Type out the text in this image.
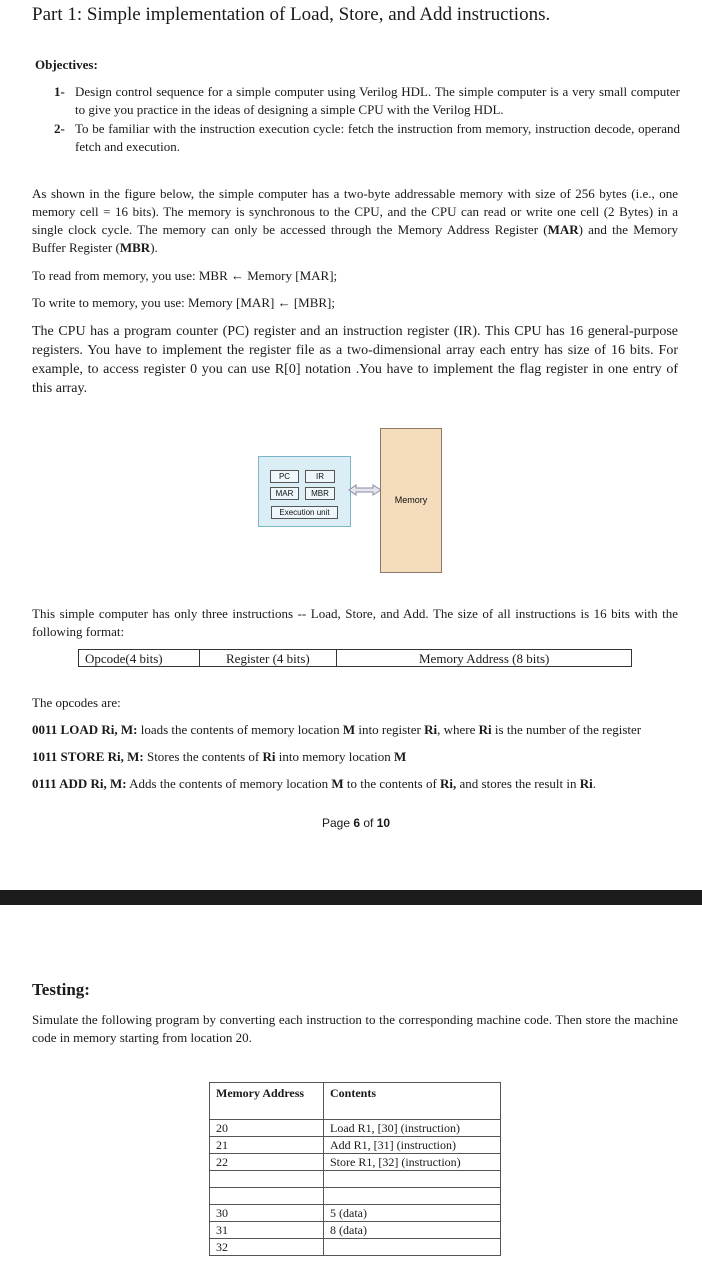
Part 1: Simple implementation of Load, Store, and Add instructions.
Objectives:
1- Design control sequence for a simple computer using Verilog HDL. The simple computer is a very small computer to give you practice in the ideas of designing a simple CPU with the Verilog HDL.
2- To be familiar with the instruction execution cycle: fetch the instruction from memory, instruction decode, operand fetch and execution.
As shown in the figure below, the simple computer has a two-byte addressable memory with size of 256 bytes (i.e., one memory cell = 16 bits). The memory is synchronous to the CPU, and the CPU can read or write one cell (2 Bytes) in a single clock cycle. The memory can only be accessed through the Memory Address Register (MAR) and the Memory Buffer Register (MBR).
To read from memory, you use: MBR ← Memory [MAR];
To write to memory, you use: Memory [MAR] ← [MBR];
The CPU has a program counter (PC) register and an instruction register (IR). This CPU has 16 general-purpose registers. You have to implement the register file as a two-dimensional array each entry has size of 16 bits. For example, to access register 0 you can use R[0] notation .You have to implement the flag register in one entry of this array.
PC	IR
MAR	MBR
Execution unit
Memory
This simple computer has only three instructions -- Load, Store, and Add. The size of all instructions is 16 bits with the following format:
Opcode(4 bits)	Register (4 bits)	Memory Address (8 bits)
The opcodes are:
0011 LOAD Ri, M: loads the contents of memory location M into register Ri, where Ri is the number of the register
1011 STORE Ri, M: Stores the contents of Ri into memory location M
0111 ADD Ri, M: Adds the contents of memory location M to the contents of Ri, and stores the result in Ri.
Page 6 of 10
Testing:
Simulate the following program by converting each instruction to the corresponding machine code. Then store the machine code in memory starting from location 20.
Memory Address	Contents
20	Load R1, [30] (instruction)
21	Add R1, [31] (instruction)
22	Store R1, [32] (instruction)

30	5 (data)
31	8 (data)
32	
